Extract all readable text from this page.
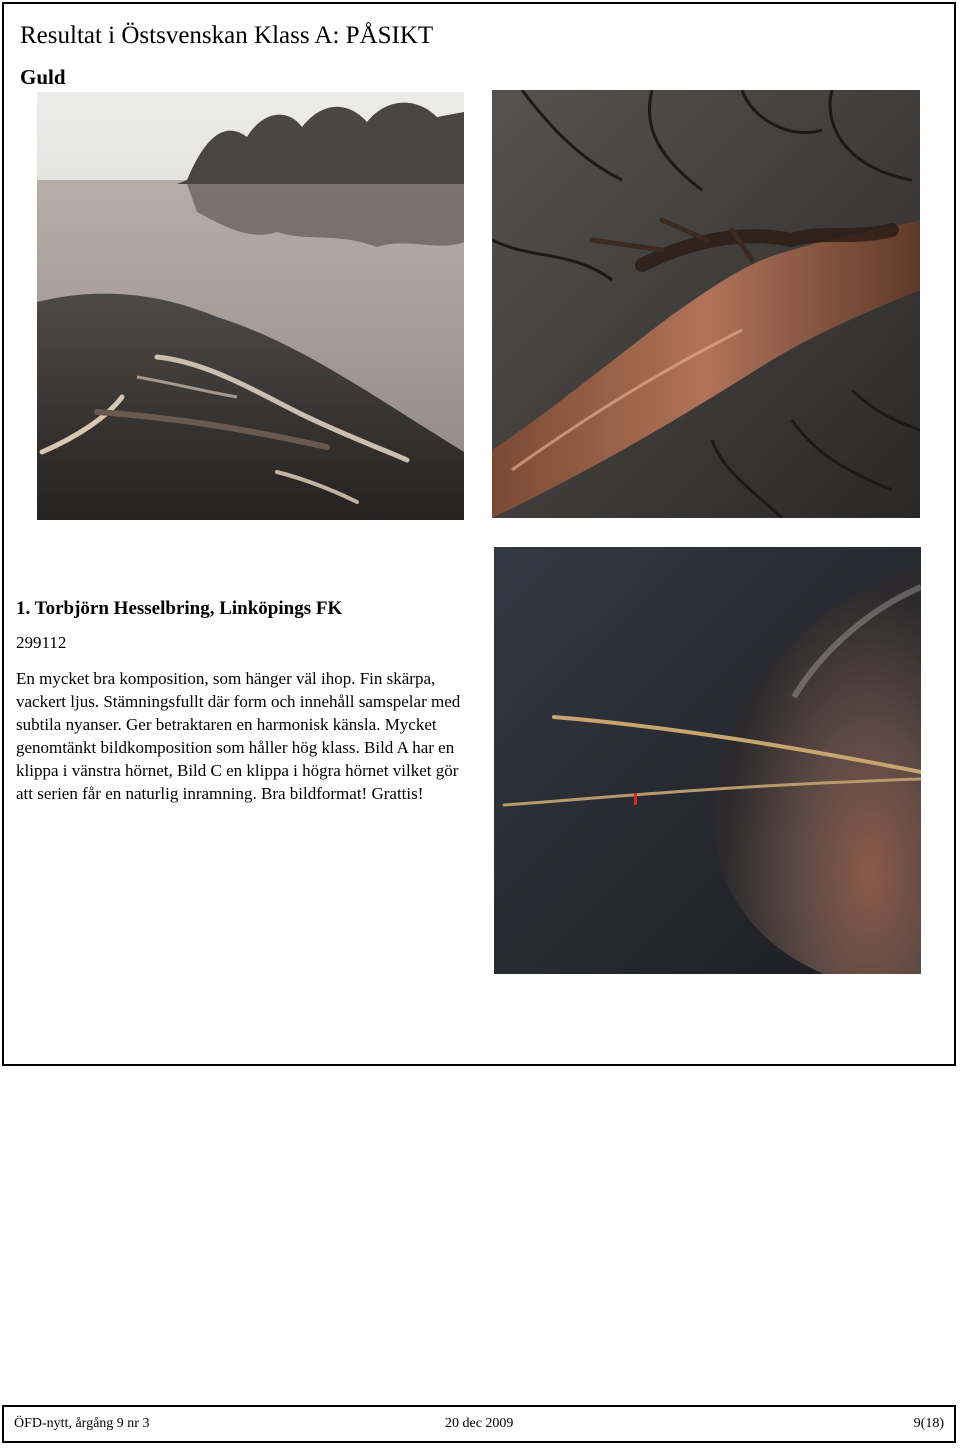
Resultat i Östsvenskan Klass A: PÅSIKT
Guld
1. Torbjörn Hesselbring, Linköpings FK

299112

En mycket bra komposition, som hänger väl ihop. Fin skärpa, vackert ljus. Stämningsfullt där form och innehåll samspelar med subtila nyanser. Ger betraktaren en harmonisk känsla. Mycket genomtänkt bildkomposition som håller hög klass. Bild A har en klippa i vänstra hörnet, Bild C en klippa i högra hörnet vilket gör att serien får en naturlig inramning. Bra bildformat! Grattis!

ÖFD-nytt, årgång 9 nr 3	20 dec 2009	9(18)
